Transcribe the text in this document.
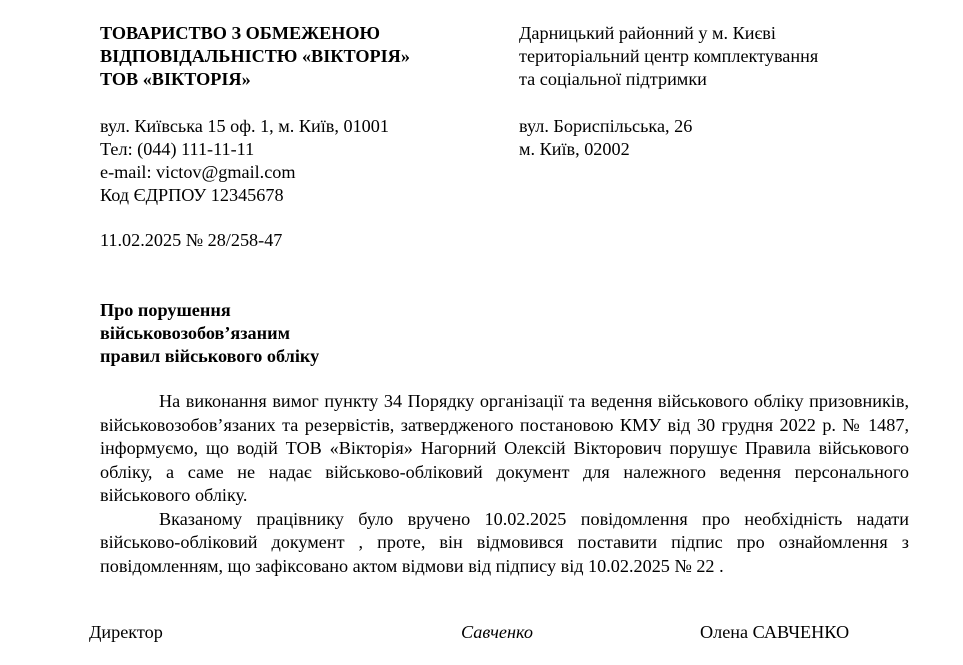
ТОВАРИСТВО З ОБМЕЖЕНОЮ
ВІДПОВІДАЛЬНІСТЮ «ВІКТОРІЯ»
ТОВ «ВІКТОРІЯ»
Дарницький районний у м. Києві
територіальний центр комплектування
та соціальної підтримки
вул. Київська 15 оф. 1, м. Київ, 01001
Тел: (044) 111-11-11
e-mail: victov@gmail.com
Код ЄДРПОУ 12345678
вул. Бориспільська, 26
м. Київ, 02002
11.02.2025 № 28/258-47
Про порушення
військовозобов’язаним
правил військового обліку

На виконання вимог пункту 34 Порядку організації та ведення військового обліку призовників, військовозобов’язаних та резервістів, затвердженого постановою КМУ від 30 грудня 2022 р. № 1487, інформуємо, що водій ТОВ «Вікторія» Нагорний Олексій Вікторович порушує Правила військового обліку, а саме не надає військово-обліковий документ для належного ведення персонального військового обліку.

Вказаному працівнику було вручено 10.02.2025 повідомлення про необхідність надати військово-обліковий документ , проте, він відмовився поставити підпис про ознайомлення з повідомленням, що зафіксовано актом відмови від підпису від 10.02.2025 № 22 .

Директор	Савченко	Олена САВЧЕНКО
